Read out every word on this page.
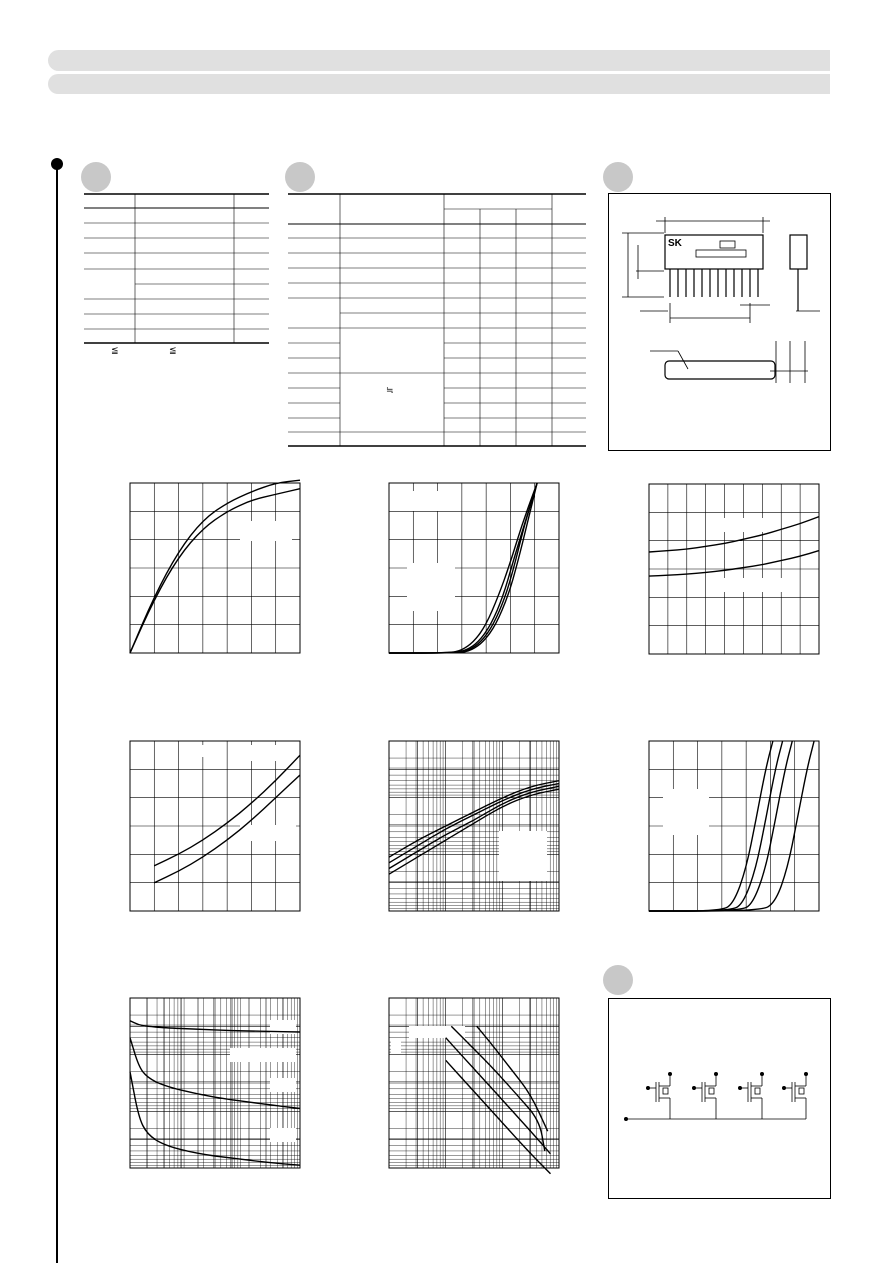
≦	≦
≒
SK
